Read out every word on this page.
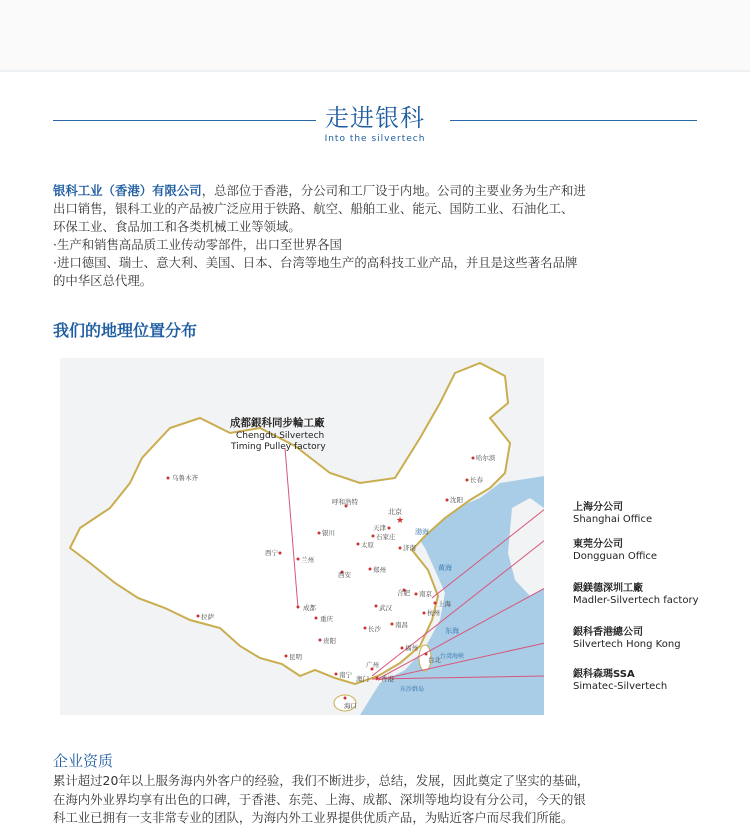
走进银科
Into the silvertech
银科工业（香港）有限公司，总部位于香港，分公司和工厂设于内地。公司的主要业务为生产和进
出口销售，银科工业的产品被广泛应用于铁路、航空、船舶工业、能元、国防工业、石油化工、
环保工业、食品加工和各类机械工业等领域。
·生产和销售高品质工业传动零部件，出口至世界各国
·进口德国、瑞士、意大利、美国、日本、台湾等地生产的高科技工业产品，并且是这些著名品牌
的中华区总代理。
我们的地理位置分布
成都銀科同步輪工廠
Chengdu Silvertech
Timing Pulley factory
哈尔滨
长春
沈阳
乌鲁木齐
呼和浩特
★
北京
天津
石家庄
太原	济南
银川
西宁
兰州
西安
郑州
合肥 南京
上海
杭州
武汉
成都
重庆
长沙 南昌
福州
拉萨
贵阳
昆明
南宁
广州
澳门 香港
台北
海口
渤海
黄海
东海
台湾海峡
东沙群岛
上海分公司
Shanghai Office
東莞分公司
Dongguan Office
銀鎂德深圳工廠
Madler-Silvertech factory
銀科香港總公司
Silvertech Hong Kong
銀科森瑪SSA
Simatec-Silvertech
企业资质
累计超过20年以上服务海内外客户的经验，我们不断进步，总结，发展，因此奠定了坚实的基础，
在海内外业界均享有出色的口碑，于香港、东莞、上海、成都、深圳等地均设有分公司，今天的银
科工业已拥有一支非常专业的团队，为海内外工业界提供优质产品，为贴近客户而尽我们所能。
